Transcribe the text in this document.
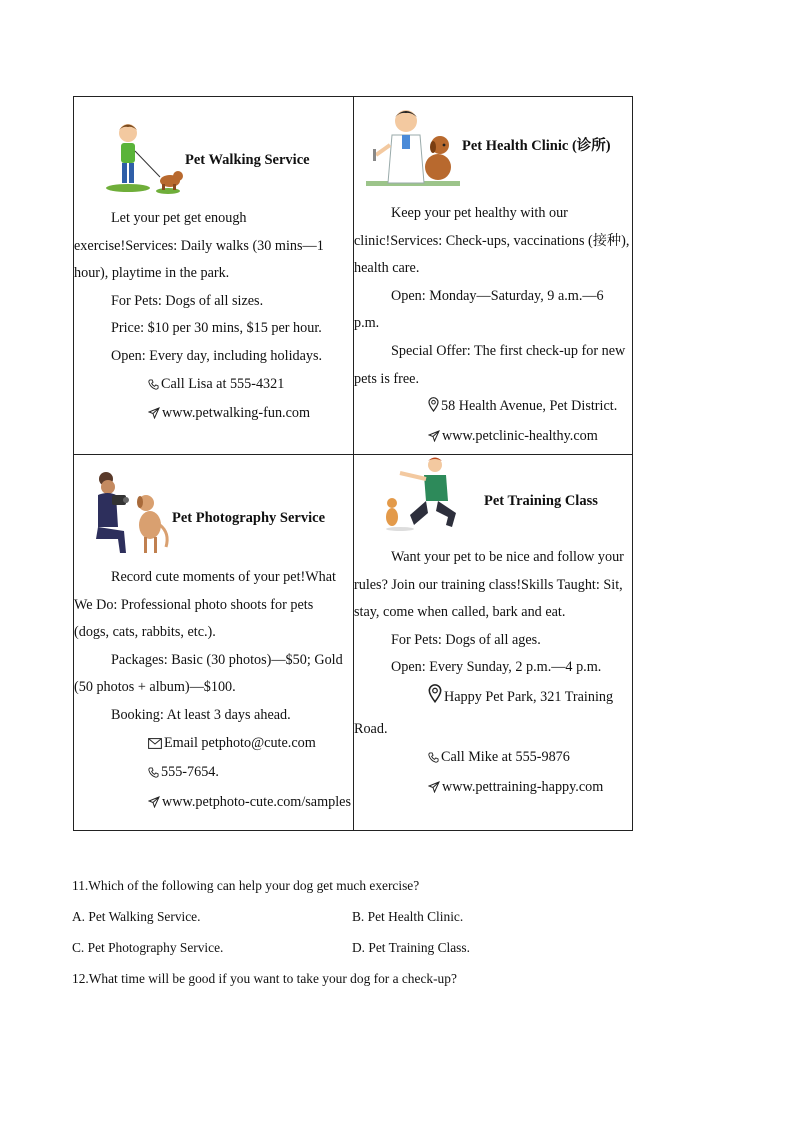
Pet Walking Service

Let your pet get enough exercise!Services: Daily walks (30 mins—1 hour), playtime in the park.

For Pets: Dogs of all sizes.

Price: $10 per 30 mins, $15 per hour.

Open: Every day, including holidays.

Call Lisa at 555-4321

www.petwalking-fun.com

Pet Health Clinic (诊所)

Keep your pet healthy with our clinic!Services: Check-ups, vaccinations (接种), health care.

Open: Monday—Saturday, 9 a.m.—6 p.m.

Special Offer: The first check-up for new pets is free.

58 Health Avenue, Pet District.

www.petclinic-healthy.com

Pet Photography Service

Record cute moments of your pet!What We Do: Professional photo shoots for pets (dogs, cats, rabbits, etc.).

Packages: Basic (30 photos)—$50; Gold (50 photos + album)—$100.

Booking: At least 3 days ahead.

Email petphoto@cute.com

555-7654.

www.petphoto-cute.com/samples

Pet Training Class

Want your pet to be nice and follow your rules? Join our training class!Skills Taught: Sit, stay, come when called, bark and eat.

For Pets: Dogs of all ages.

Open: Every Sunday, 2 p.m.—4 p.m.

Happy Pet Park, 321 Training Road.

Call Mike at 555-9876

www.pettraining-happy.com

11.Which of the following can help your dog get much exercise?
A. Pet Walking Service.	B. Pet Health Clinic.
C. Pet Photography Service.	D. Pet Training Class.
12.What time will be good if you want to take your dog for a check-up?
